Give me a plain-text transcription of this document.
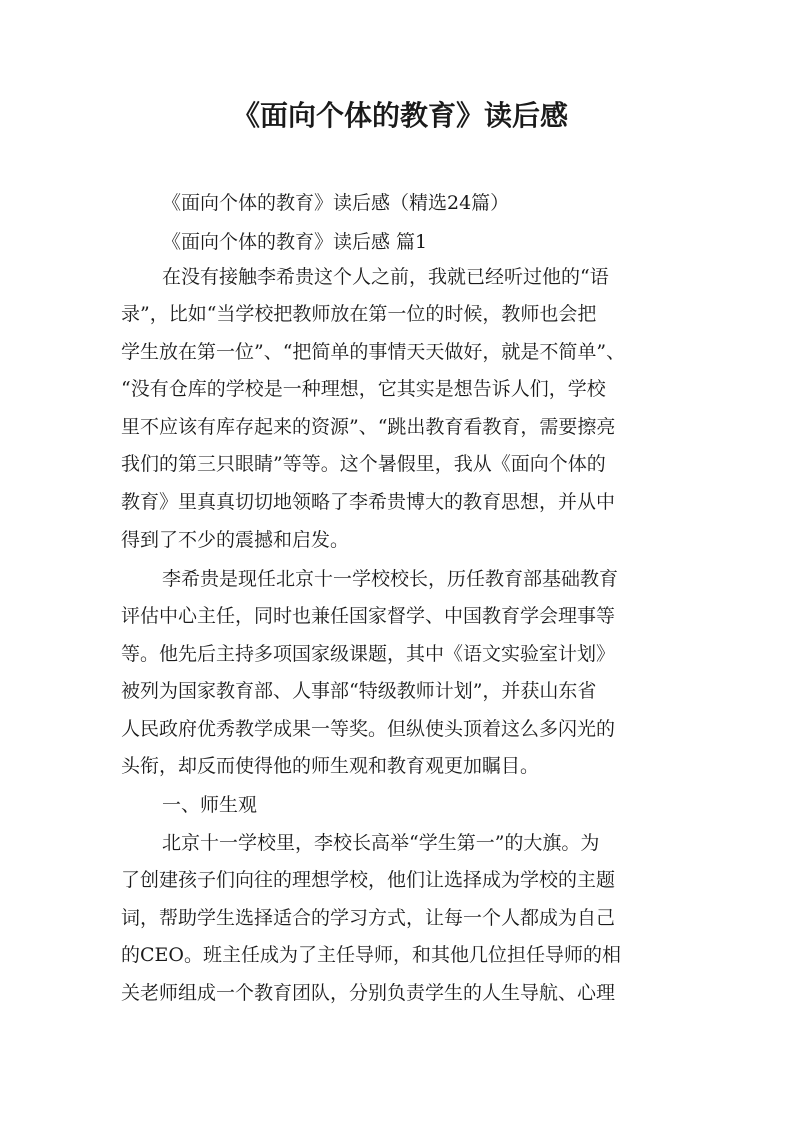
《面向个体的教育》读后感
《面向个体的教育》读后感（精选24篇）
《面向个体的教育》读后感 篇1
在没有接触李希贵这个人之前，我就已经听过他的“语
录”，比如“当学校把教师放在第一位的时候，教师也会把
学生放在第一位”、“把简单的事情天天做好，就是不简单”、
“没有仓库的学校是一种理想，它其实是想告诉人们，学校
里不应该有库存起来的资源”、“跳出教育看教育，需要擦亮
我们的第三只眼睛”等等。这个暑假里，我从《面向个体的
教育》里真真切切地领略了李希贵博大的教育思想，并从中
得到了不少的震撼和启发。
李希贵是现任北京十一学校校长，历任教育部基础教育
评估中心主任，同时也兼任国家督学、中国教育学会理事等
等。他先后主持多项国家级课题，其中《语文实验室计划》
被列为国家教育部、人事部“特级教师计划”，并获山东省
人民政府优秀教学成果一等奖。但纵使头顶着这么多闪光的
头衔，却反而使得他的师生观和教育观更加瞩目。
一、师生观
北京十一学校里，李校长高举“学生第一”的大旗。为
了创建孩子们向往的理想学校，他们让选择成为学校的主题
词，帮助学生选择适合的学习方式，让每一个人都成为自己
的CEO。班主任成为了主任导师，和其他几位担任导师的相
关老师组成一个教育团队，分别负责学生的人生导航、心理
